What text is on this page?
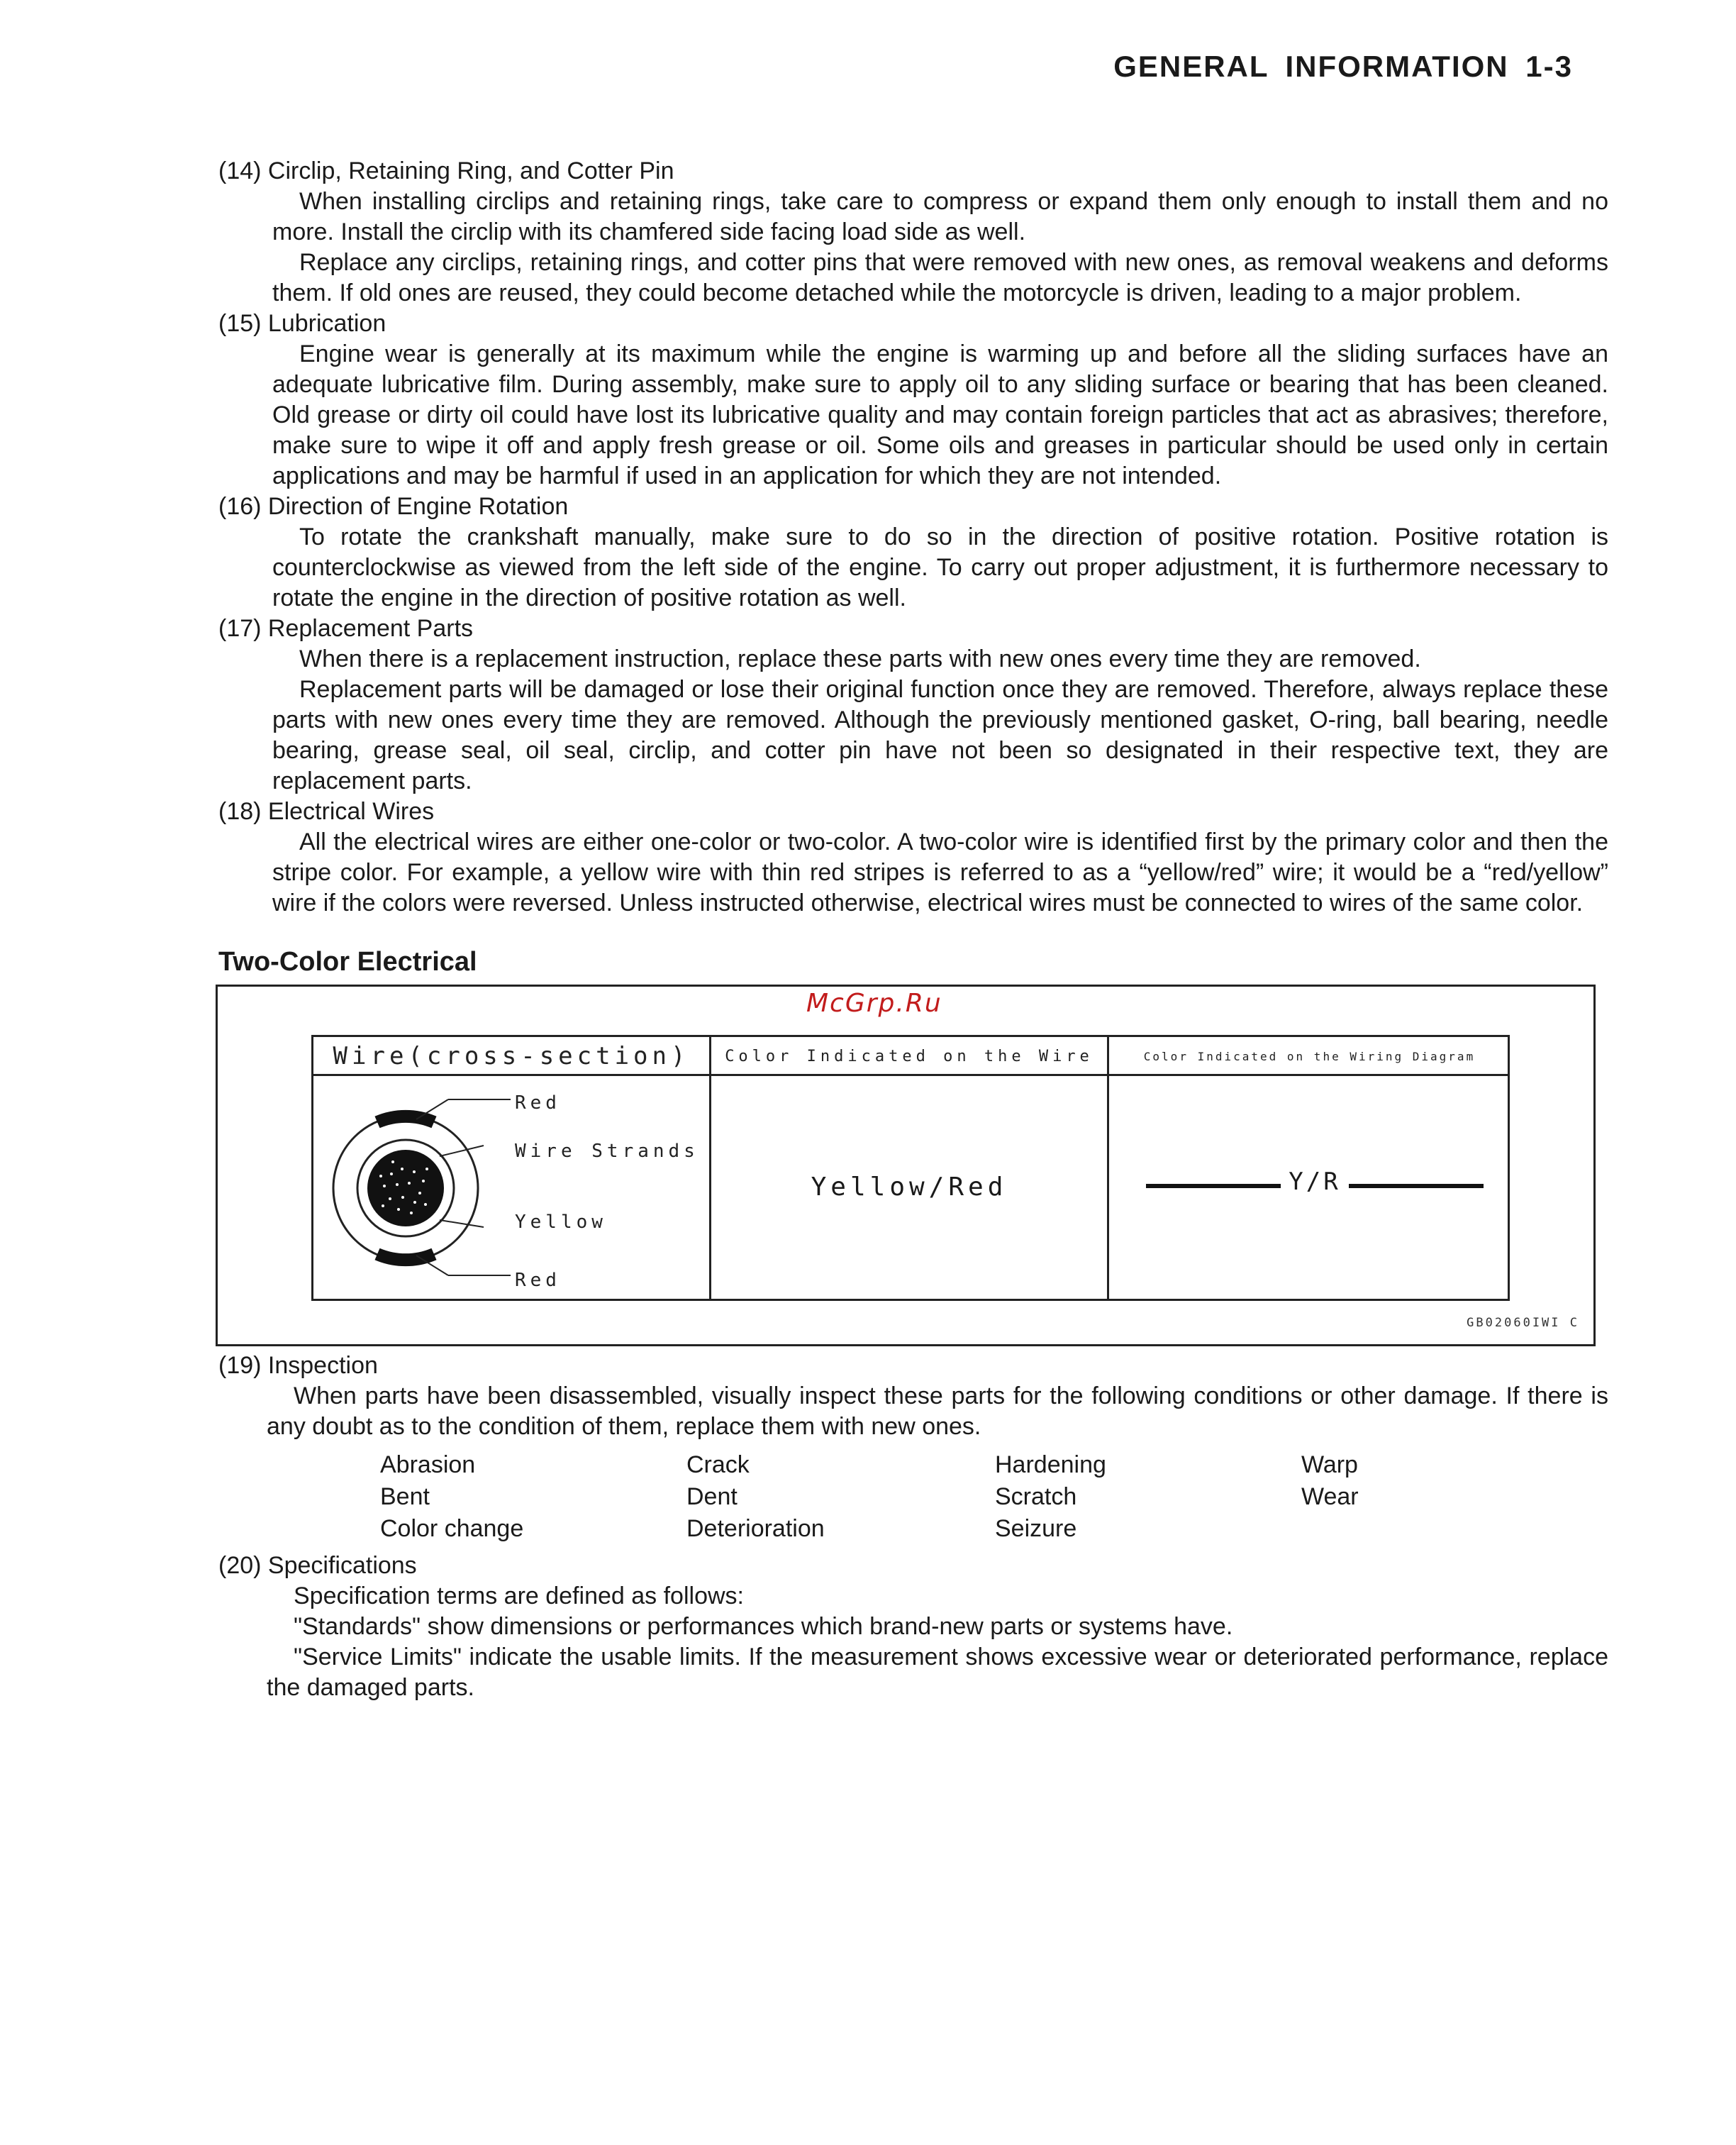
GENERAL INFORMATION 1-3
(14) Circlip, Retaining Ring, and Cotter Pin

When installing circlips and retaining rings, take care to compress or expand them only enough to install them and no more. Install the circlip with its chamfered side facing load side as well.

Replace any circlips, retaining rings, and cotter pins that were removed with new ones, as removal weakens and deforms them. If old ones are reused, they could become detached while the motorcycle is driven, leading to a major problem.

(15) Lubrication

Engine wear is generally at its maximum while the engine is warming up and before all the sliding surfaces have an adequate lubricative film. During assembly, make sure to apply oil to any sliding surface or bearing that has been cleaned. Old grease or dirty oil could have lost its lubricative quality and may contain foreign particles that act as abrasives; therefore, make sure to wipe it off and apply fresh grease or oil. Some oils and greases in particular should be used only in certain applications and may be harmful if used in an application for which they are not intended.

(16) Direction of Engine Rotation

To rotate the crankshaft manually, make sure to do so in the direction of positive rotation. Positive rotation is counterclockwise as viewed from the left side of the engine. To carry out proper adjustment, it is furthermore necessary to rotate the engine in the direction of positive rotation as well.

(17) Replacement Parts

When there is a replacement instruction, replace these parts with new ones every time they are removed.

Replacement parts will be damaged or lose their original function once they are removed. Therefore, always replace these parts with new ones every time they are removed. Although the previously mentioned gasket, O-ring, ball bearing, needle bearing, grease seal, oil seal, circlip, and cotter pin have not been so designated in their respective text, they are replacement parts.

(18) Electrical Wires

All the electrical wires are either one-color or two-color. A two-color wire is identified first by the primary color and then the stripe color. For example, a yellow wire with thin red stripes is referred to as a “yellow/red” wire; it would be a “red/yellow” wire if the colors were reversed. Unless instructed otherwise, electrical wires must be connected to wires of the same color.

Two-Color Electrical
McGrp.Ru
Wire(cross-section)	Color Indicated on the Wire	Color Indicated on the Wiring Diagram
Red
Wire Strands
Yellow
Red
Yellow/Red	Y/R
GB02060IWI C
(19) Inspection

When parts have been disassembled, visually inspect these parts for the following conditions or other damage. If there is any doubt as to the condition of them, replace them with new ones.

Abrasion	Crack	Hardening	Warp
Bent	Dent	Scratch	Wear
Color change	Deterioration	Seizure
(20) Specifications

Specification terms are defined as follows:

"Standards" show dimensions or performances which brand-new parts or systems have.

"Service Limits" indicate the usable limits. If the measurement shows excessive wear or deteriorated performance, replace the damaged parts.
